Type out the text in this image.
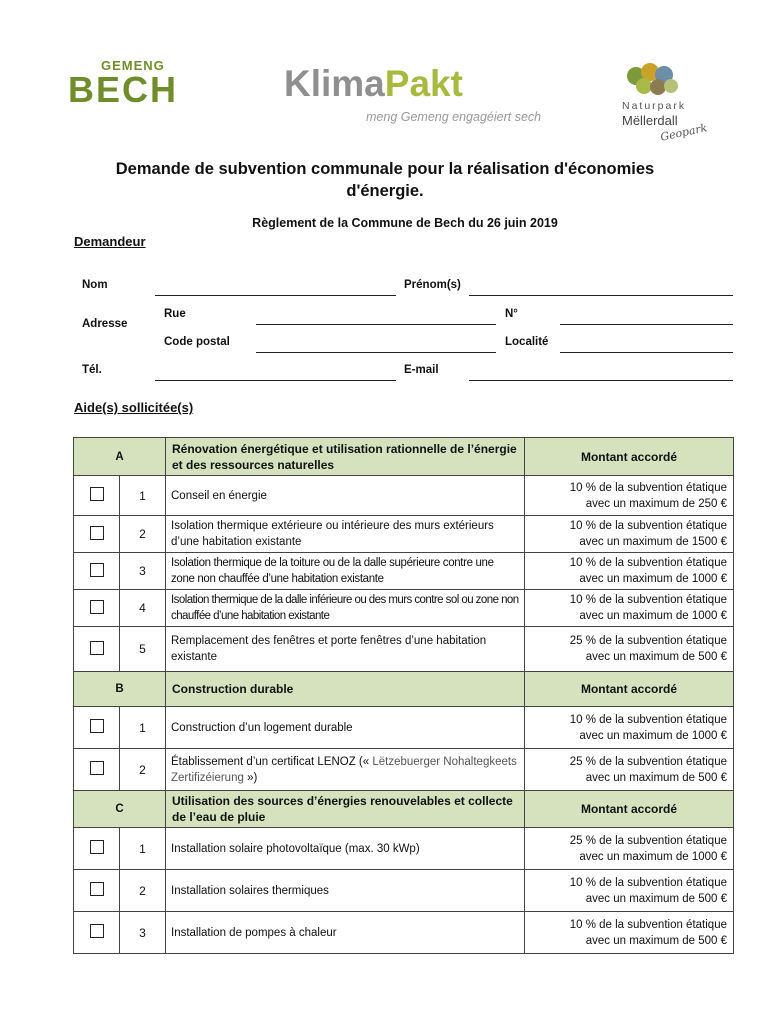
GEMENG
BECH	KlimaPakt
meng Gemeng engagéiert sech
Naturpark
Mëllerdall
Geopark
Demande de subvention communale pour la réalisation d'économies
d'énergie.
Règlement de la Commune de Bech du 26 juin 2019
Demandeur
Nom	Prénom(s)
Adresse
Rue	N°
Code postal	Localité
Tél.	E-mail
Aide(s) sollicitée(s)
A		Rénovation énergétique et utilisation rationnelle de l’énergie et des ressources naturelles	Montant accordé
	1	Conseil en énergie	10 % de la subvention étatique
avec un maximum de 250 €

	2	Isolation thermique extérieure ou intérieure des murs extérieurs d’une habitation existante	10 % de la subvention étatique
avec un maximum de 1500 €

	3	Isolation thermique de la toiture ou de la dalle supérieure contre une zone non chauffée d’une habitation existante	10 % de la subvention étatique
avec un maximum de 1000 €

	4	Isolation thermique de la dalle inférieure ou des murs contre sol ou zone non chauffée d’une habitation existante	10 % de la subvention étatique
avec un maximum de 1000 €

	5	Remplacement des fenêtres et porte fenêtres d’une habitation existante	25 % de la subvention étatique
avec un maximum de 500 €

B		Construction durable	Montant accordé
	1	Construction d’un logement durable	10 % de la subvention étatique
avec un maximum de 1000 €

	2	Établissement d’un certificat LENOZ (« Lëtzebuerger Nohaltegkeets Zertifizéierung »)	25 % de la subvention étatique
avec un maximum de 500 €

C		Utilisation des sources d’énergies renouvelables et collecte de l’eau de pluie	Montant accordé
	1	Installation solaire photovoltaïque (max. 30 kWp)	25 % de la subvention étatique
avec un maximum de 1000 €

	2	Installation solaires thermiques	10 % de la subvention étatique
avec un maximum de 500 €

	3	Installation de pompes à chaleur	10 % de la subvention étatique
avec un maximum de 500 €
